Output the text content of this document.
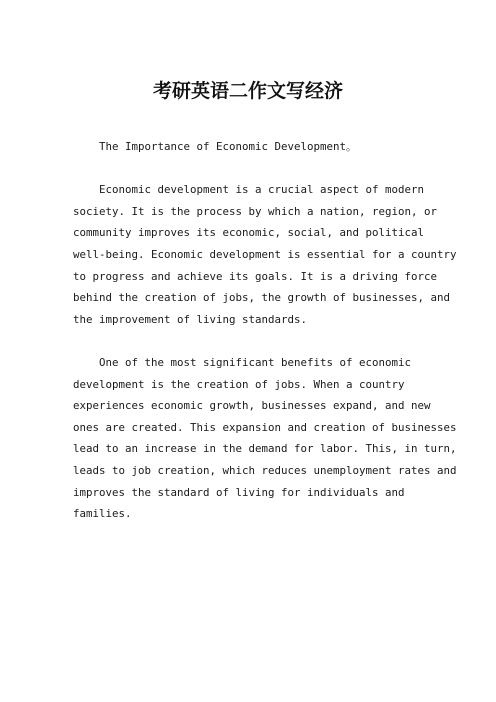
考研英语二作文写经济
The Importance of Economic Development。
Economic development is a crucial aspect of modern
society. It is the process by which a nation, region, or
community improves its economic, social, and political
well-being. Economic development is essential for a country
to progress and achieve its goals. It is a driving force
behind the creation of jobs, the growth of businesses, and
the improvement of living standards.
One of the most significant benefits of economic
development is the creation of jobs. When a country
experiences economic growth, businesses expand, and new
ones are created. This expansion and creation of businesses
lead to an increase in the demand for labor. This, in turn,
leads to job creation, which reduces unemployment rates and
improves the standard of living for individuals and
families.
